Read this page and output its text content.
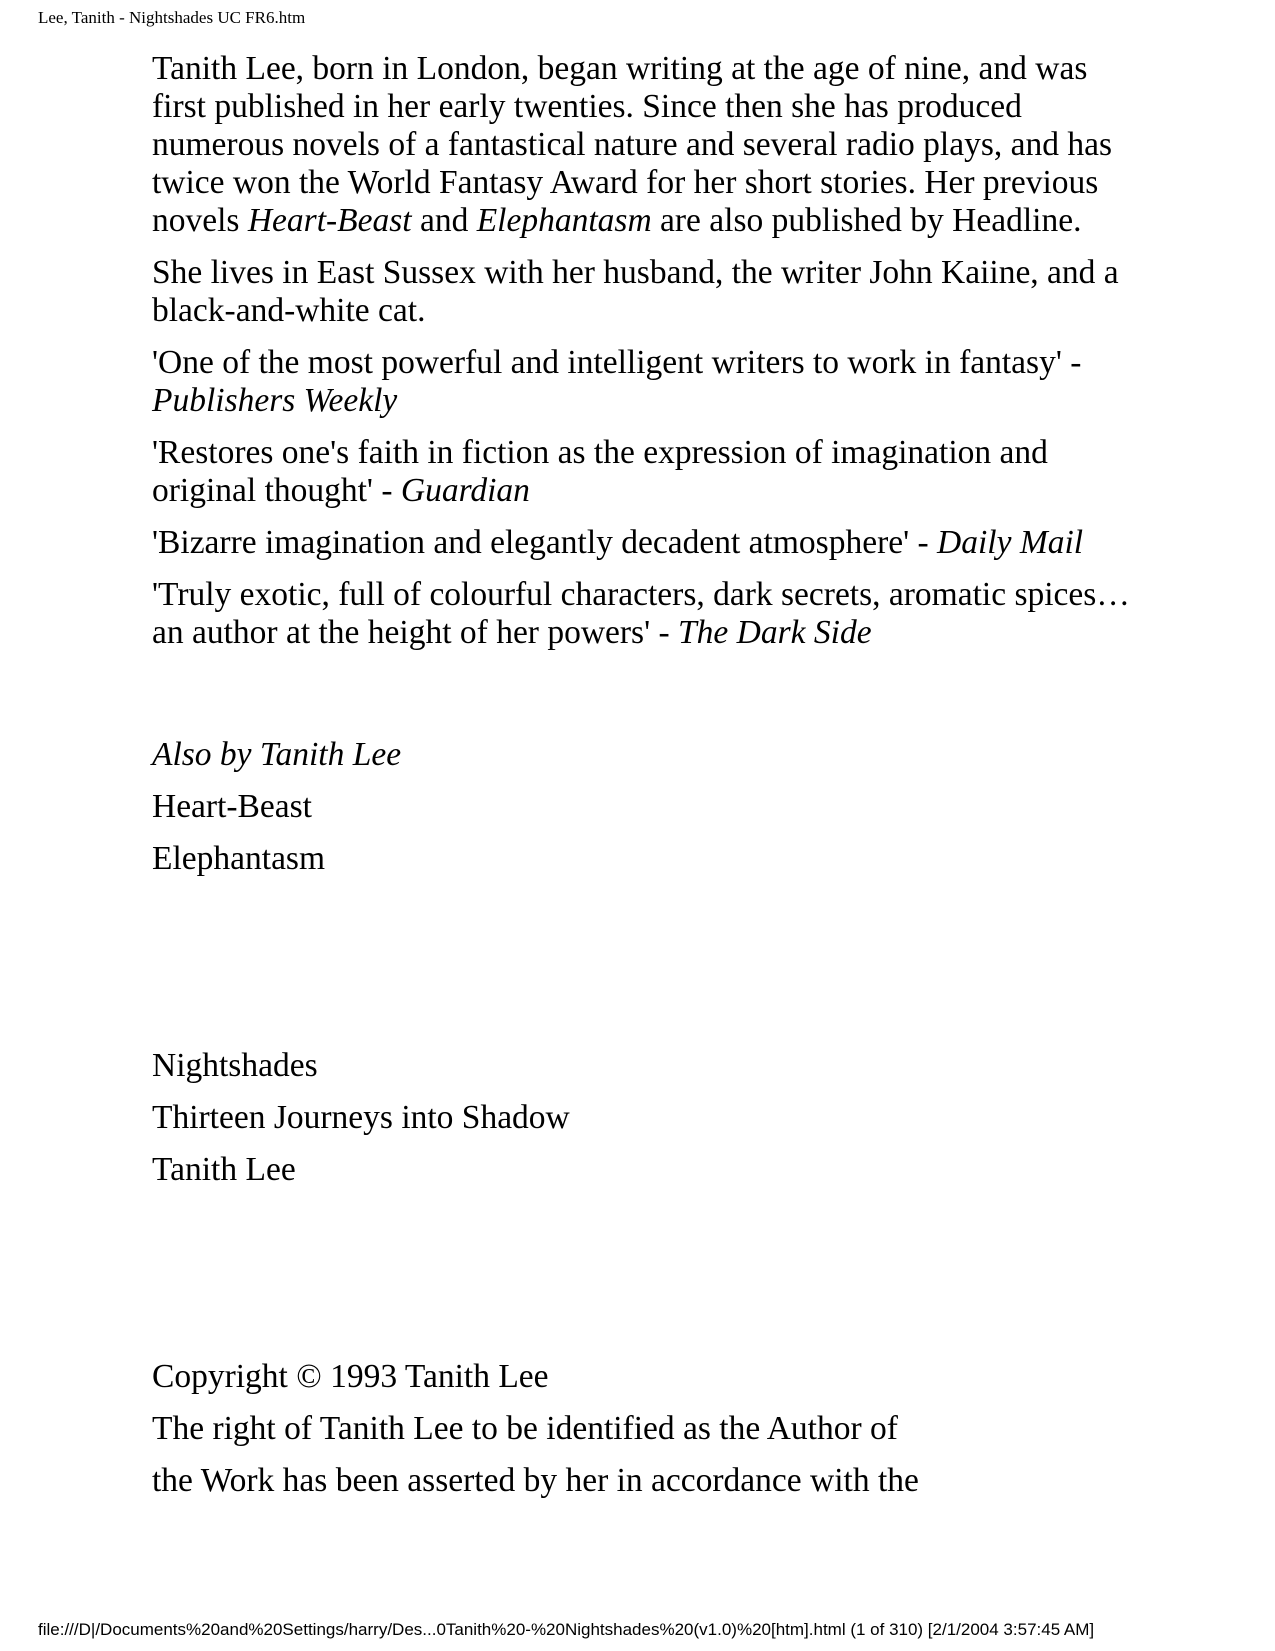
Lee, Tanith - Nightshades UC FR6.htm

Tanith Lee, born in London, began writing at the age of nine, and was first published in her early twenties. Since then she has produced numerous novels of a fantastical nature and several radio plays, and has twice won the World Fantasy Award for her short stories. Her previous novels Heart-Beast and Elephantasm are also published by Headline.

She lives in East Sussex with her husband, the writer John Kaiine, and a black-and-white cat.

'One of the most powerful and intelligent writers to work in fantasy' - Publishers Weekly

'Restores one's faith in fiction as the expression of imagination and original thought' - Guardian

'Bizarre imagination and elegantly decadent atmosphere' - Daily Mail

'Truly exotic, full of colourful characters, dark secrets, aromatic spices… an author at the height of her powers' - The Dark Side

Also by Tanith Lee

Heart-Beast

Elephantasm

Nightshades

Thirteen Journeys into Shadow

Tanith Lee

Copyright © 1993 Tanith Lee

The right of Tanith Lee to be identified as the Author of

the Work has been asserted by her in accordance with the

file:///D|/Documents%20and%20Settings/harry/Des...0Tanith%20-%20Nightshades%20(v1.0)%20[htm].html (1 of 310) [2/1/2004 3:57:45 AM]
